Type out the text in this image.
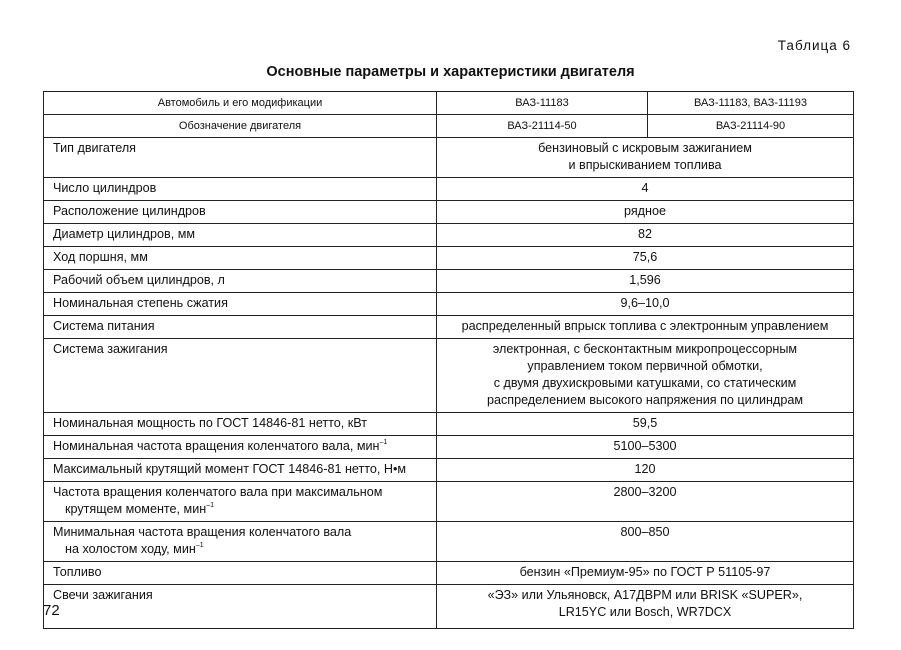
Таблица 6
Основные параметры и характеристики двигателя
Автомобиль и его модификации	ВАЗ-11183	ВАЗ-11183, ВАЗ-11193
Обозначение двигателя	ВАЗ-21114-50	ВАЗ-21114-90
Тип двигателя	бензиновый с искровым зажиганием
и впрыскиванием топлива	

Число цилиндров	4	
Расположение цилиндров	рядное	
Диаметр цилиндров, мм	82	
Ход поршня, мм	75,6	
Рабочий объем цилиндров, л	1,596	
Номинальная степень сжатия	9,6–10,0	
Система питания	распределенный впрыск топлива с электронным управлением	
Система зажигания	электронная, с бесконтактным микропроцессорным
управлением током первичной обмотки,
с двумя двухискровыми катушками, со статическим
распределением высокого напряжения по цилиндрам	

Номинальная мощность по ГОСТ 14846-81 нетто, кВт	59,5	
Номинальная частота вращения коленчатого вала, мин$^{-1}$	5100–5300	
Максимальный крутящий момент ГОСТ 14846-81 нетто, Н•м	120	

Частота вращения коленчатого вала при максимальном
крутящем моменте, мин$^{-1}$	2800–3200	

Минимальная частота вращения коленчатого вала
на холостом ходу, мин$^{-1}$	800–850	
Топливо	бензин «Премиум-95» по ГОСТ Р 51105-97	
Свечи зажигания	«ЭЗ» или Ульяновск, А17ДВРМ или BRISK «SUPER»,
LR15YC или Bosch, WR7DCX	
72
